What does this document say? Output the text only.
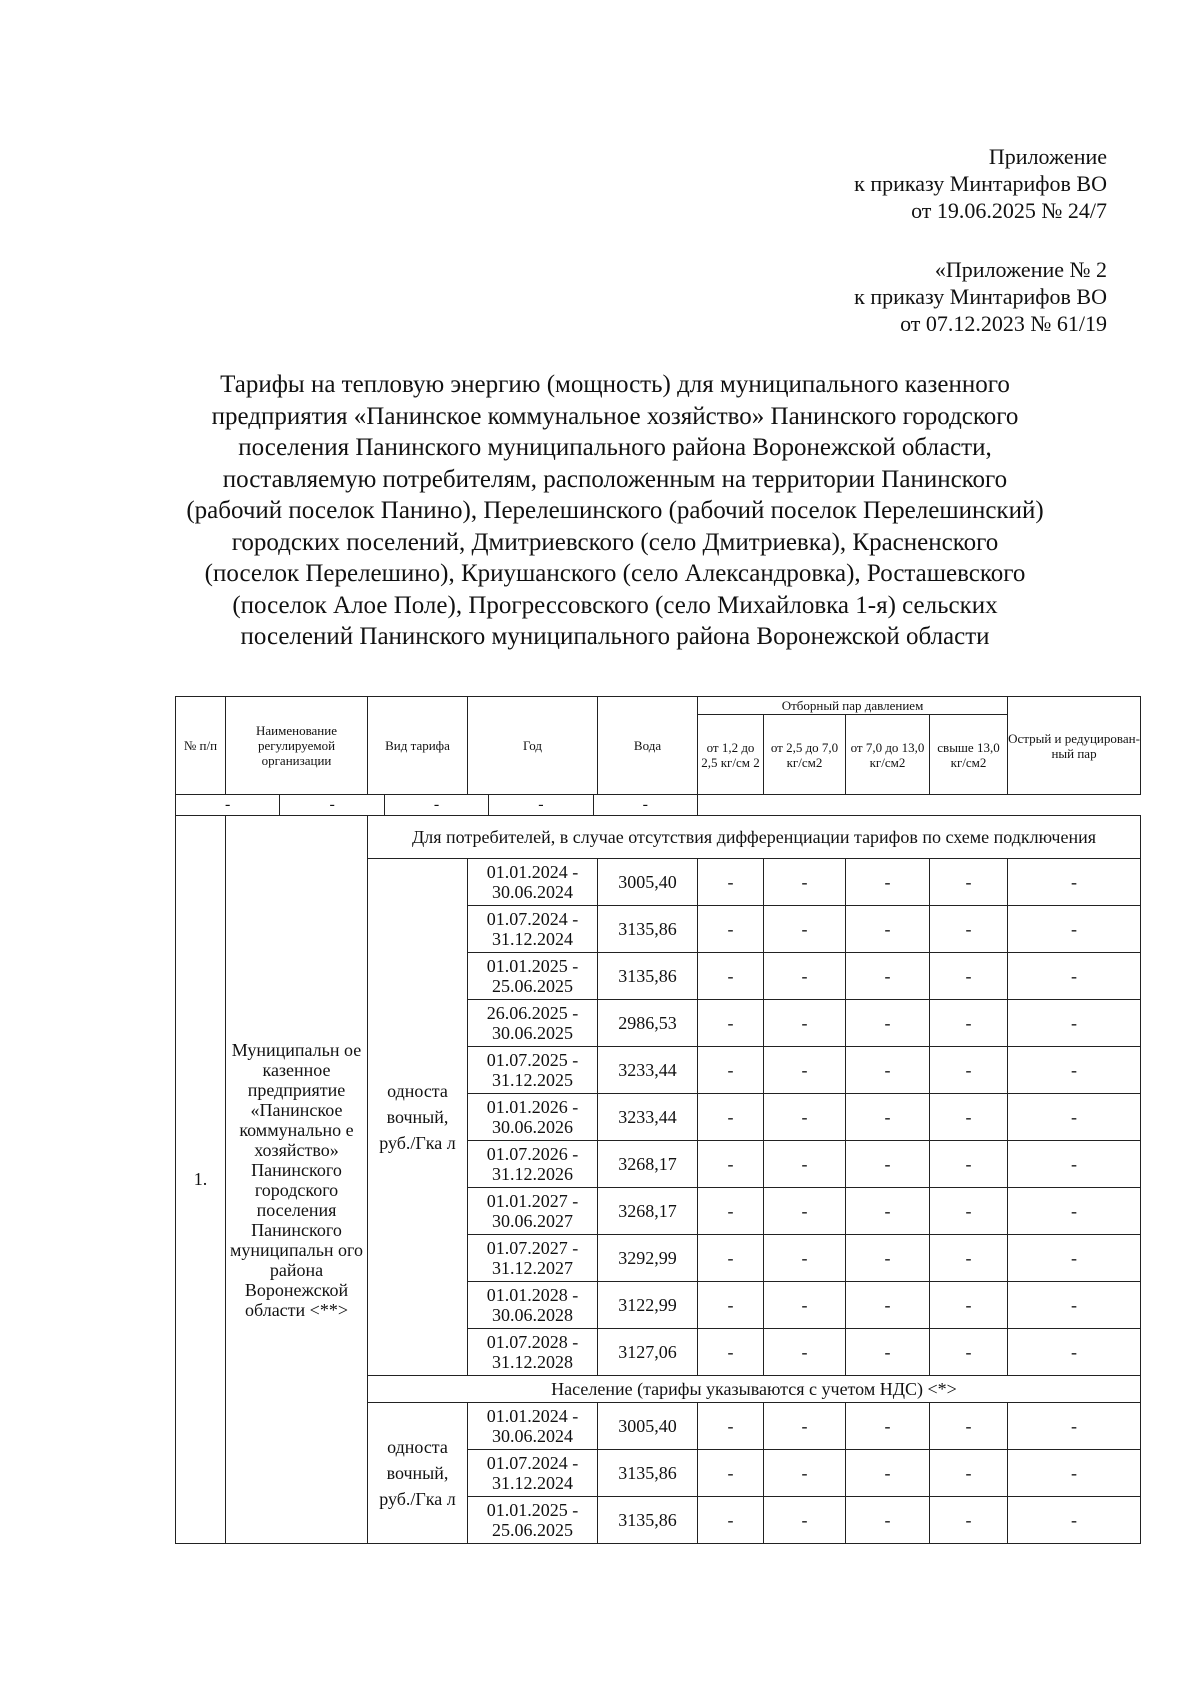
Приложение
к приказу Минтарифов ВО
от 19.06.2025 № 24/7
«Приложение № 2
к приказу Минтарифов ВО
от 07.12.2023 № 61/19
Тарифы на тепловую энергию (мощность) для муниципального казенного
предприятия «Панинское коммунальное хозяйство» Панинского городского
поселения Панинского муниципального района Воронежской области,
поставляемую потребителям, расположенным на территории Панинского
(рабочий поселок Панино), Перелешинского (рабочий поселок Перелешинский)
городских поселений, Дмитриевского (село Дмитриевка), Красненского
(поселок Перелешино), Криушанского (село Александровка), Росташевского
(поселок Алое Поле), Прогрессовского (село Михайловка 1-я) сельских
поселений Панинского муниципального района Воронежской области
№ п/п	Наименование регулируемой организации	Вид тарифа	Год	Вода	Отборный пар давлением				Острый и редуцирован-ный пар
					от 1,2 до 2,5 кг/см 2	от 2,5 до 7,0 кг/см2	от 7,0 до 13,0 кг/см2	свыше 13,0 кг/см2	

- - - - -									

1.	Муниципальн ое казенное предприятие «Панинское коммунально е хозяйство» Панинского городского поселения Панинского муниципальн ого района Воронежской области <**>	Для потребителей, в случае отсутствия дифференциации тарифов по схеме подключения							
		односта вочный, руб./Гка л	01.01.2024 - 30.06.2024	3005,40	-	-	-	-	-
			01.07.2024 - 31.12.2024	3135,86	-	-	-	-	-
			01.01.2025 - 25.06.2025	3135,86	-	-	-	-	-
			26.06.2025 - 30.06.2025	2986,53	-	-	-	-	-
			01.07.2025 - 31.12.2025	3233,44	-	-	-	-	-
			01.01.2026 - 30.06.2026	3233,44	-	-	-	-	-
			01.07.2026 - 31.12.2026	3268,17	-	-	-	-	-
			01.01.2027 - 30.06.2027	3268,17	-	-	-	-	-
			01.07.2027 - 31.12.2027	3292,99	-	-	-	-	-
			01.01.2028 - 30.06.2028	3122,99	-	-	-	-	-
			01.07.2028 - 31.12.2028	3127,06	-	-	-	-	-
		Население (тарифы указываются с учетом НДС) <*>							
		односта вочный, руб./Гка л	01.01.2024 - 30.06.2024	3005,40	-	-	-	-	-
			01.07.2024 - 31.12.2024	3135,86	-	-	-	-	-
			01.01.2025 - 25.06.2025	3135,86	-	-	-	-	-
